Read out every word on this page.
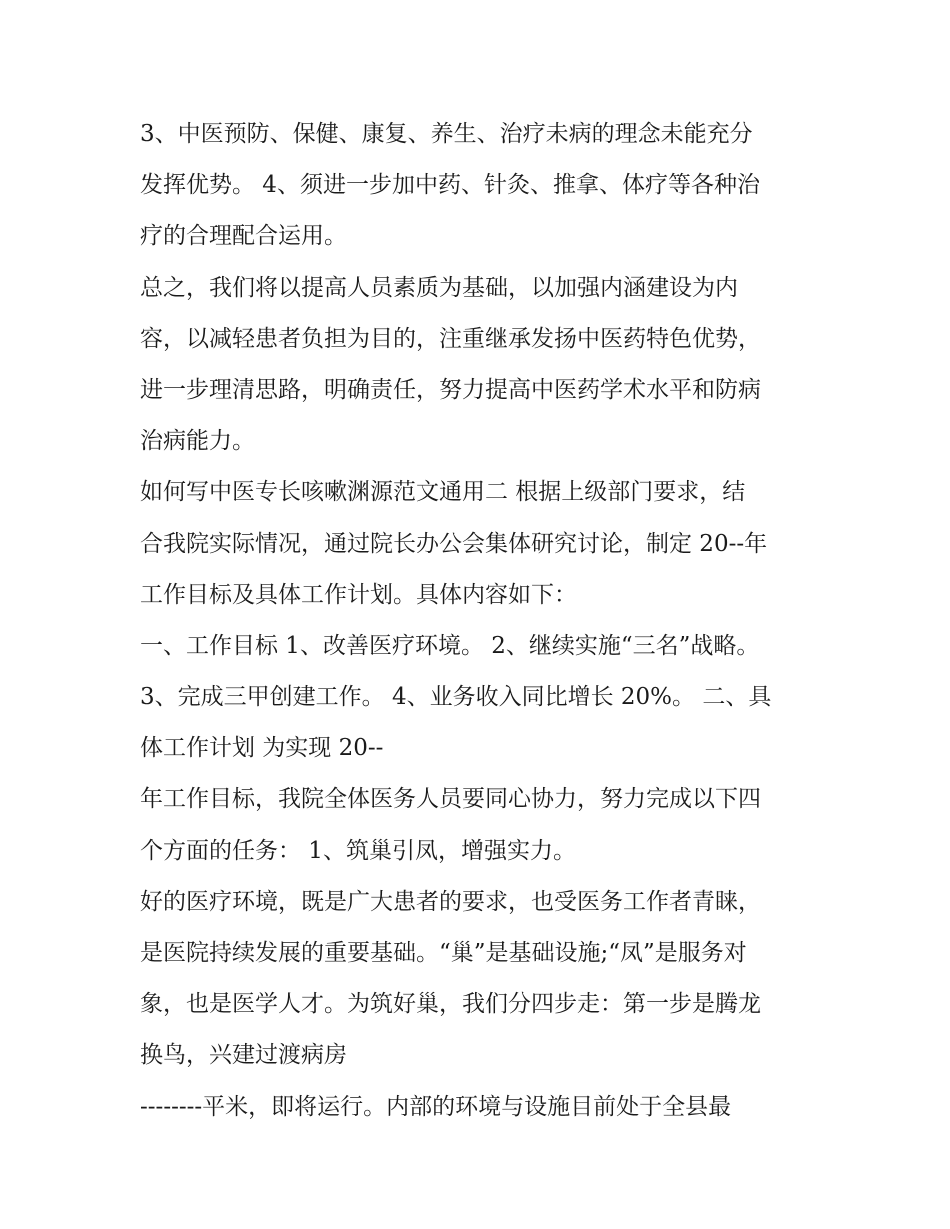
3、中医预防、保健、康复、养生、治疗未病的理念未能充分
发挥优势。 4、须进一步加中药、针灸、推拿、体疗等各种治
疗的合理配合运用。
总之，我们将以提高人员素质为基础，以加强内涵建设为内
容，以减轻患者负担为目的，注重继承发扬中医药特色优势，
进一步理清思路，明确责任，努力提高中医药学术水平和防病
治病能力。
如何写中医专长咳嗽渊源范文通用二 根据上级部门要求，结
合我院实际情况，通过院长办公会集体研究讨论，制定 20--年
工作目标及具体工作计划。具体内容如下：
一、工作目标 1、改善医疗环境。 2、继续实施“三名”战略。
3、完成三甲创建工作。 4、业务收入同比增长 20%。 二、具
体工作计划 为实现 20--
年工作目标，我院全体医务人员要同心协力，努力完成以下四
个方面的任务： 1、筑巢引凤，增强实力。
好的医疗环境，既是广大患者的要求，也受医务工作者青睐，
是医院持续发展的重要基础。“巢”是基础设施;“凤”是服务对
象，也是医学人才。为筑好巢，我们分四步走：第一步是腾龙
换鸟，兴建过渡病房
--------平米，即将运行。内部的环境与设施目前处于全县最
